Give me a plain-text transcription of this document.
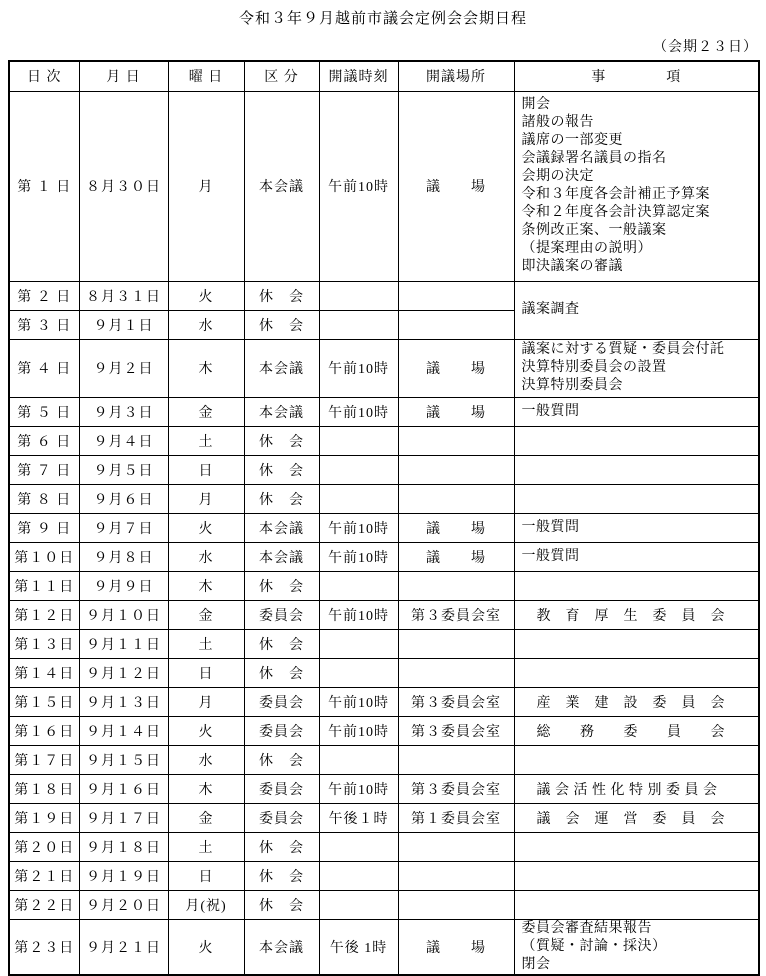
令和３年９月越前市議会定例会会期日程
（会期２３日）
日 次	月 日	曜 日	区 分	開議時刻	開議場所	事　　　　項
第 １ 日	８月３０日	月	本会議	午前10時	議　　場	
開会
諸般の報告
議席の一部変更
会議録署名議員の指名
会期の決定
令和３年度各会計補正予算案
令和２年度各会計決算認定案
条例改正案、一般議案
（提案理由の説明）
即決議案の審議

第 ２ 日	８月３１日	火	休　会			議案調査
第 ３ 日	９月１日	水	休　会			
第 ４ 日	９月２日	木	本会議	午前10時	議　　場	議案に対する質疑・委員会付託
決算特別委員会の設置
決算特別委員会

第 ５ 日	９月３日	金	本会議	午前10時	議　　場	一般質問
第 ６ 日	９月４日	土	休　会			
第 ７ 日	９月５日	日	休　会			
第 ８ 日	９月６日	月	休　会			
第 ９ 日	９月７日	火	本会議	午前10時	議　　場	一般質問
第１０日	９月８日	水	本会議	午前10時	議　　場	一般質問
第１１日	９月９日	木	休　会			
第１２日	９月１０日	金	委員会	午前10時	第３委員会室	教　育　厚　生　委　員　会
第１３日	９月１１日	土	休　会			
第１４日	９月１２日	日	休　会			
第１５日	９月１３日	月	委員会	午前10時	第３委員会室	産　業　建　設　委　員　会
第１６日	９月１４日	火	委員会	午前10時	第３委員会室	総　　務　　委　　員　　会
第１７日	９月１５日	水	休　会			
第１８日	９月１６日	木	委員会	午前10時	第３委員会室	議 会 活 性 化 特 別 委 員 会
第１９日	９月１７日	金	委員会	午後１時	第１委員会室	議　会　運　営　委　員　会
第２０日	９月１８日	土	休　会			
第２１日	９月１９日	日	休　会			
第２２日	９月２０日	月(祝)	休　会			
第２３日	９月２１日	火	本会議	午後 1時	議　　場	委員会審査結果報告
（質疑・討論・採決）
閉会
